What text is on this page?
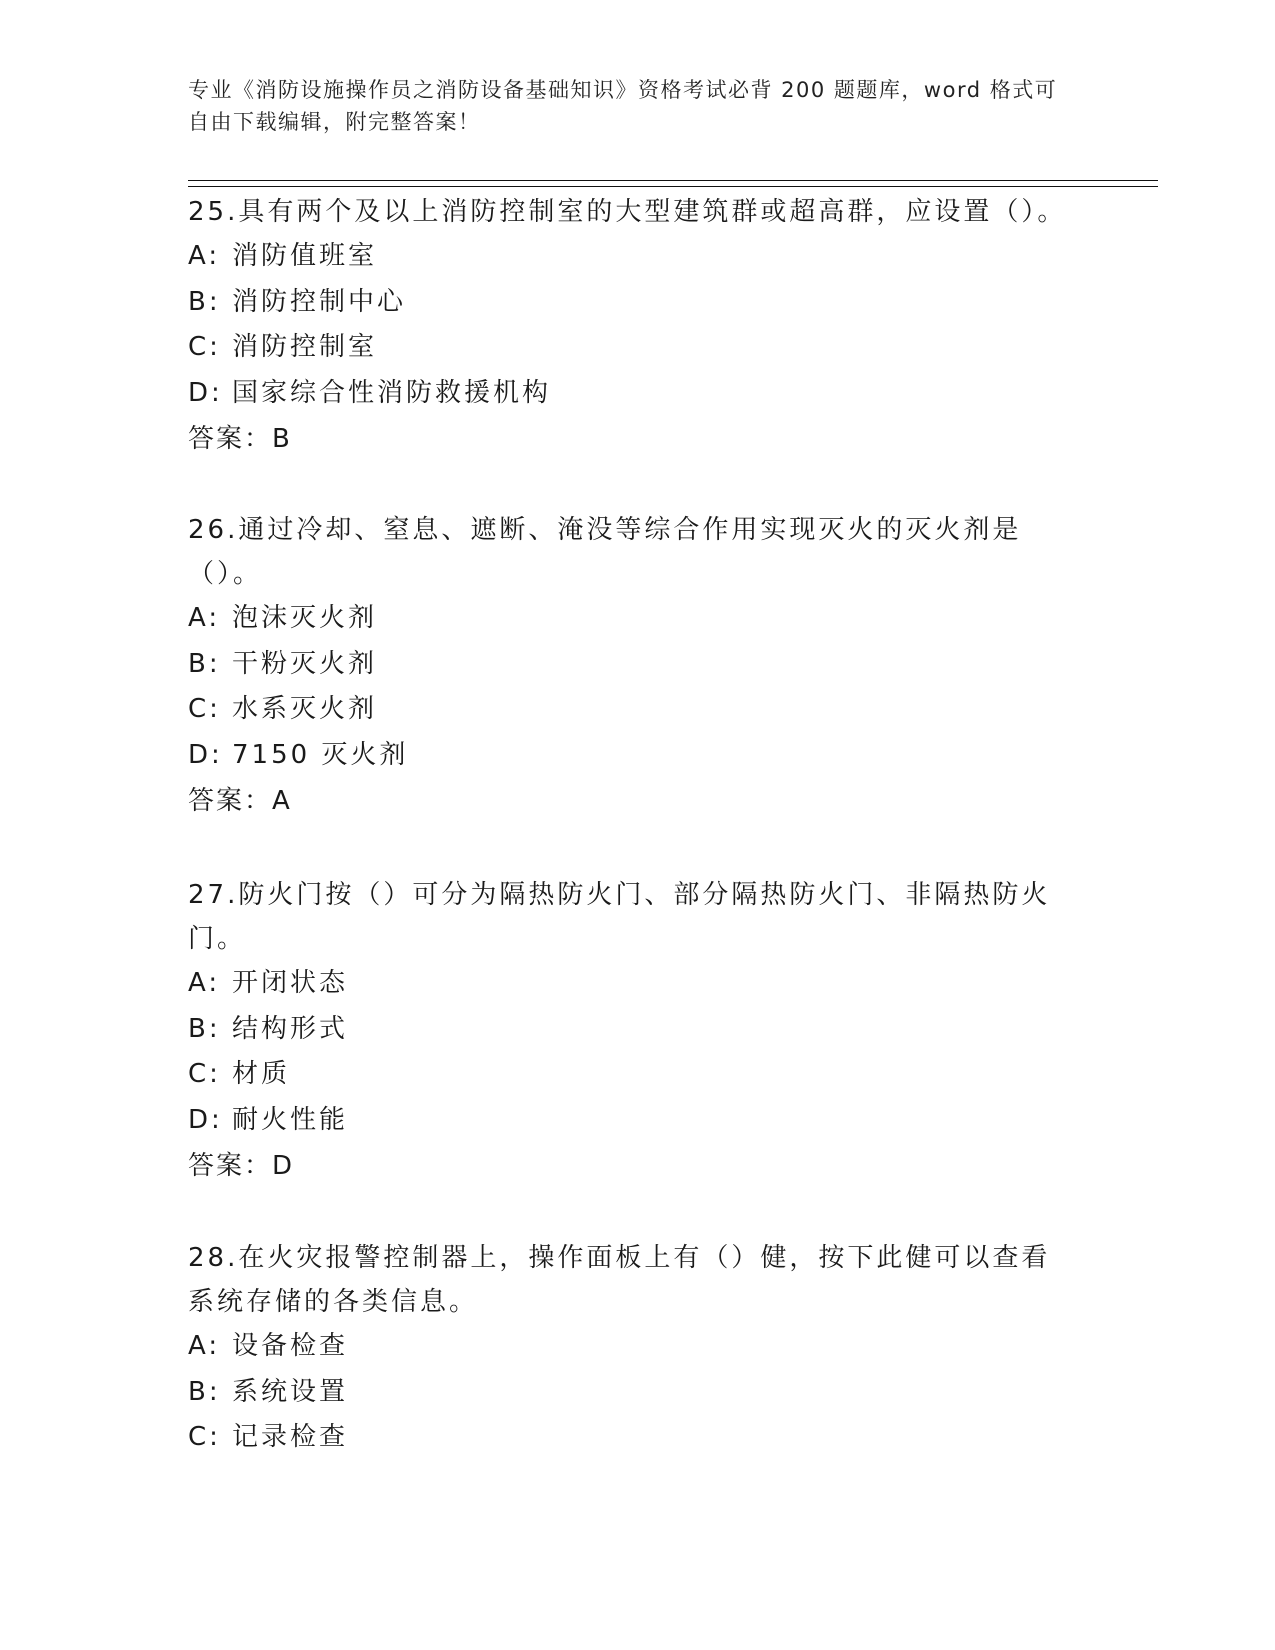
专业《消防设施操作员之消防设备基础知识》资格考试必背 200 题题库，word 格式可自由下载编辑，附完整答案！

25.具有两个及以上消防控制室的大型建筑群或超高群，应设置（）。

A: 消防值班室

B: 消防控制中心

C: 消防控制室

D: 国家综合性消防救援机构

答案：B

26.通过冷却、窒息、遮断、淹没等综合作用实现灭火的灭火剂是（）。

A: 泡沫灭火剂

B: 干粉灭火剂

C: 水系灭火剂

D: 7150 灭火剂

答案：A

27.防火门按（）可分为隔热防火门、部分隔热防火门、非隔热防火门。

A: 开闭状态

B: 结构形式

C: 材质

D: 耐火性能

答案：D

28.在火灾报警控制器上，操作面板上有（）健，按下此健可以查看系统存储的各类信息。

A: 设备检查

B: 系统设置

C: 记录检查
